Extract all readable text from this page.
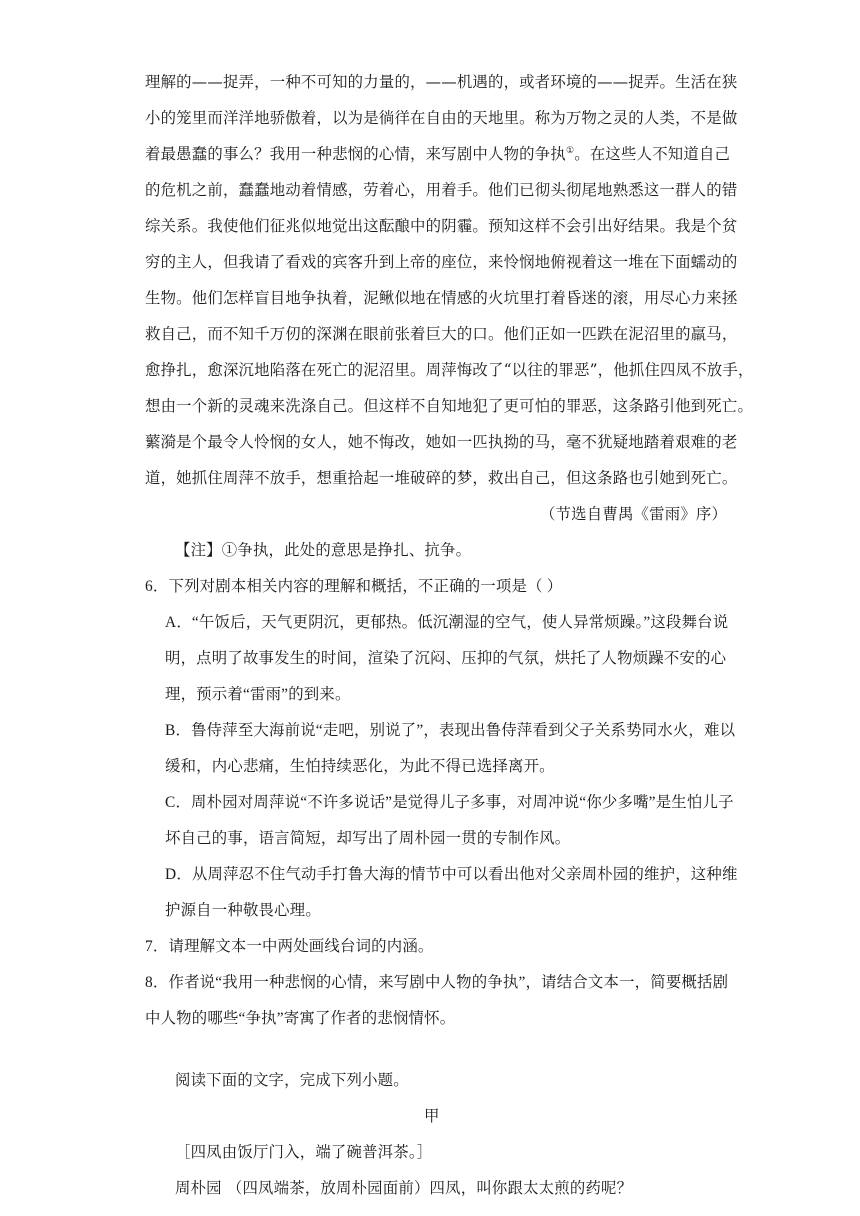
理解的——捉弄，一种不可知的力量的，——机遇的，或者环境的——捉弄。生活在狭
小的笼里而洋洋地骄傲着，以为是徜徉在自由的天地里。称为万物之灵的人类，不是做
着最愚蠢的事么？我用一种悲悯的心情，来写剧中人物的争执①。在这些人不知道自己
的危机之前，蠢蠢地动着情感，劳着心，用着手。他们已彻头彻尾地熟悉这一群人的错
综关系。我使他们征兆似地觉出这酝酿中的阴霾。预知这样不会引出好结果。我是个贫
穷的主人，但我请了看戏的宾客升到上帝的座位，来怜悯地俯视着这一堆在下面蠕动的
生物。他们怎样盲目地争执着，泥鳅似地在情感的火坑里打着昏迷的滚，用尽心力来拯
救自己，而不知千万仞的深渊在眼前张着巨大的口。他们正如一匹跌在泥沼里的羸马，
愈挣扎，愈深沉地陷落在死亡的泥沼里。周萍悔改了“以往的罪恶”，他抓住四凤不放手，
想由一个新的灵魂来洗涤自己。但这样不自知地犯了更可怕的罪恶，这条路引他到死亡。
蘩漪是个最令人怜悯的女人，她不悔改，她如一匹执拗的马，毫不犹疑地踏着艰难的老
道，她抓住周萍不放手，想重拾起一堆破碎的梦，救出自己，但这条路也引她到死亡。
（节选自曹禺《雷雨》序）
【注】①争执，此处的意思是挣扎、抗争。
6．下列对剧本相关内容的理解和概括，不正确的一项是（ ）
A．“午饭后，天气更阴沉，更郁热。低沉潮湿的空气，使人异常烦躁。”这段舞台说
明，点明了故事发生的时间，渲染了沉闷、压抑的气氛，烘托了人物烦躁不安的心
理，预示着“雷雨”的到来。
B．鲁侍萍至大海前说“走吧，别说了”，表现出鲁侍萍看到父子关系势同水火，难以
缓和，内心悲痛，生怕持续恶化，为此不得已选择离开。
C．周朴园对周萍说“不许多说话”是觉得儿子多事，对周冲说“你少多嘴”是生怕儿子
坏自己的事，语言简短，却写出了周朴园一贯的专制作风。
D．从周萍忍不住气动手打鲁大海的情节中可以看出他对父亲周朴园的维护，这种维
护源自一种敬畏心理。
7．请理解文本一中两处画线台词的内涵。
8．作者说“我用一种悲悯的心情，来写剧中人物的争执”，请结合文本一，简要概括剧
中人物的哪些“争执”寄寓了作者的悲悯情怀。
阅读下面的文字，完成下列小题。
甲
［四凤由饭厅门入，端了碗普洱茶。］
周朴园 （四凤端茶，放周朴园面前）四凤，叫你跟太太煎的药呢？
